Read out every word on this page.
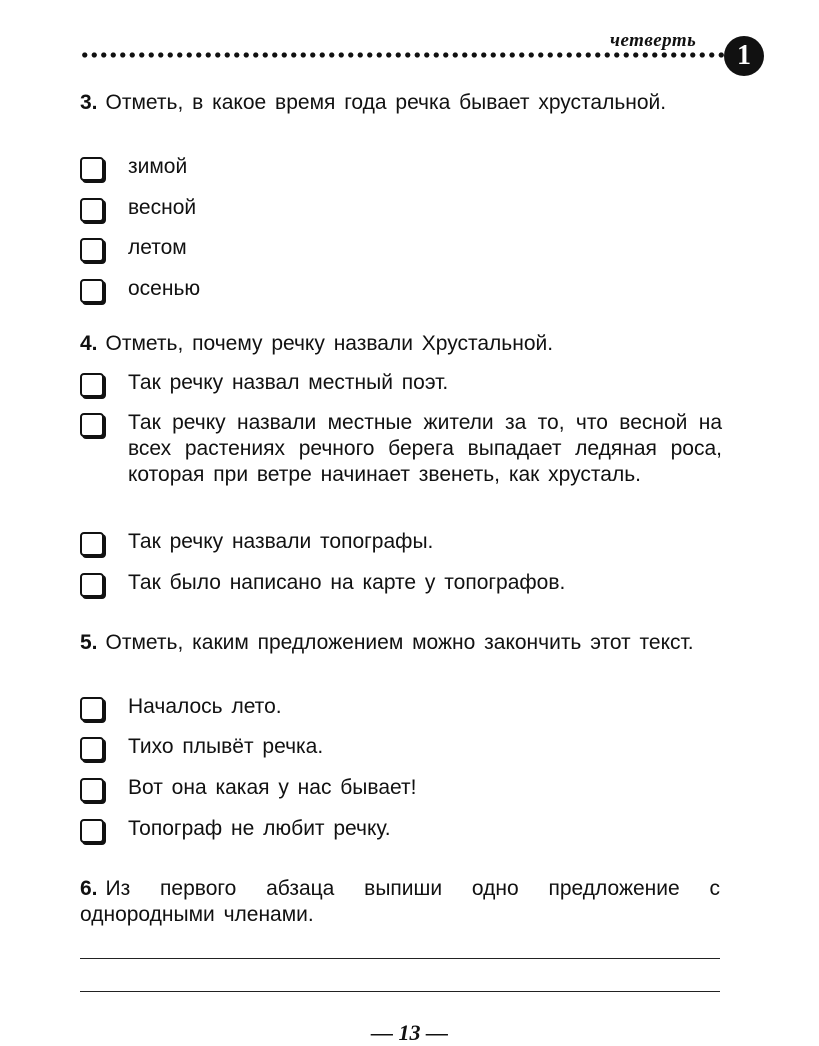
четверть	1
3. Отметь, в какое время года речка бывает хрустальной.
зимой
весной
летом
осенью
4. Отметь, почему речку назвали Хрустальной.
Так речку назвал местный поэт.
Так речку назвали местные жители за то, что весной на всех растениях речного берега выпадает ледяная роса, которая при ветре начинает звенеть, как хрусталь.
Так речку назвали топографы.
Так было написано на карте у топографов.
5. Отметь, каким предложением можно закончить этот текст.
Началось лето.
Тихо плывёт речка.
Вот она какая у нас бывает!
Топограф не любит речку.
6. Из первого абзаца выпиши одно предложение с однородными членами.
— 13 —
